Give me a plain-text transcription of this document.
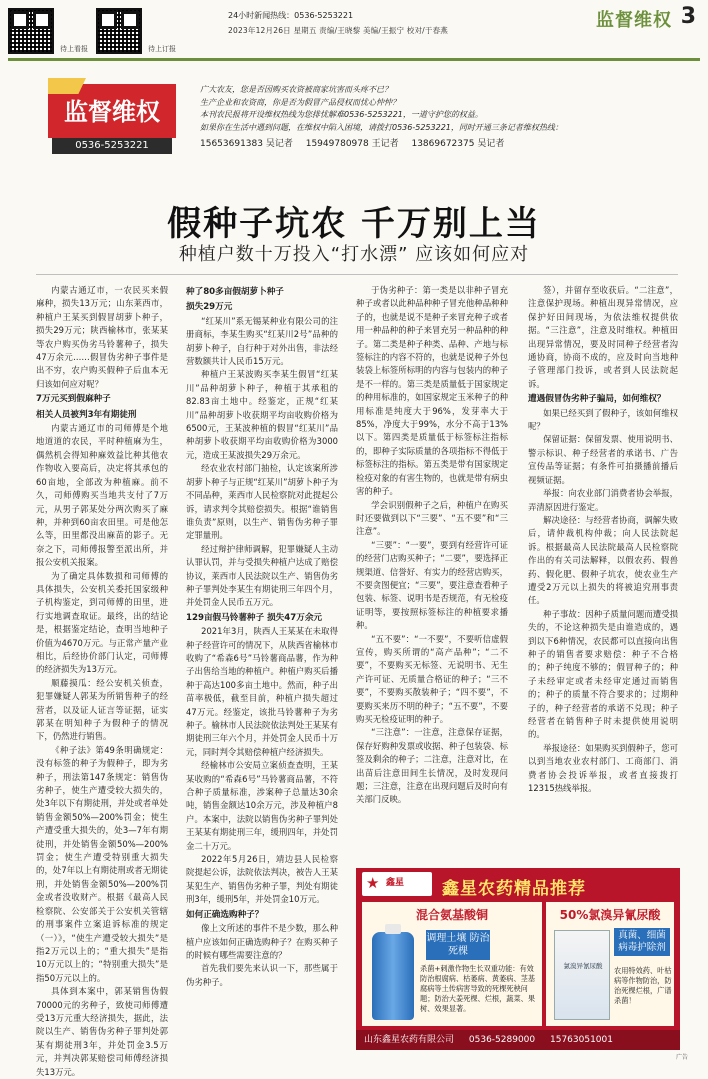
待上看报	待上订报
24小时新闻热线：0536-5253221
2023年12月26日 星期五 责编/王晓黎 美编/王振宁 校对/于春燕	监督维权 3
监督维权
0536-5253221
广大农友，您是否因购买农资被商家坑害而头疼不已？
生产企业和农资商，你是否为假冒产品侵权而忧心忡忡？
本刊农民报将开设维权热线为您排忧解难0536-5253221，一道守护您的权益。
如果你在生活中遇到问题，在维权中陷入困境，请拨打0536-5253221，同时开通三条记者维权热线：
15653691383 吴记者 15949780978 王记者 13869672375 吴记者
假种子坑农 千万别上当
种植户数十万投入“打水漂” 应该如何应对

内蒙古通辽市，一农民买来假麻种，损失13万元；山东莱西市，种植户王某买到假冒胡萝卜种子，损失29万元；陕西榆林市，张某某等农户购买伪劣马铃薯种子，损失47万余元……假冒伪劣种子事件是出不穷，农户购买假种子后血本无归该如何应对呢？

7万元买到假麻种子
相关人员被判3年有期徒刑

内蒙古通辽市的司师傅是个地地道道的农民，平时种植麻为生，偶然机会得知种麻效益比种其他农作物收入要高后，决定将其承包的60亩地，全部改为种植麻。前不久，司师傅购买当地共支付了7万元，从男子郭某处分两次购买了麻种，并种到60亩农田里。可是他怎么等，田里都没出麻苗的影子。无奈之下，司师傅报警至派出所，并报公安机关报案。

为了确定具体数损和司师傅的具体损失，公安机关委托国家级种子机构鉴定，到司师傅的田里，进行实地调查取证。最终，出的结论是，根据鉴定结论，查明当地种子价值为4670万元。与正常产量产业相比，后经协价部门认定，司师傅的经济损失为13万元。

顺藤摸瓜：经公安机关侦查，犯罪嫌疑人郭某为所销售种子的经营者，以及证人证言等证据，证实郭某在明知种子为假种子的情况下，仍然进行销售。

《种子法》第49条明确规定：没有标签的种子为假种子，即为劣种子，刑法第147条规定：销售伪劣种子，使生产遭受较大损失的，处3年以下有期徒刑，并处或者单处销售金额50%—200%罚金；使生产遭受重大损失的，处3—7年有期徒刑，并处销售金额50%—200%罚金；使生产遭受特别重大损失的，处7年以上有期徒刑或者无期徒刑，并处销售金额50%—200%罚金或者没收财产。根据《最高人民检察院、公安部关于公安机关管辖的刑事案件立案追诉标准的规定（一）》，“使生产遭受较大损失”是指2万元以上的；“重大损失”是指10万元以上的；“特别重大损失”是指50万元以上的。

具体到本案中，郭某销售伪假70000元的劣种子，致使司师傅遭受13万元重大经济损失，据此，法院以生产、销售伪劣种子罪判处郭某有期徒刑3年，并处罚金3.5万元，并判决郭某赔偿司师傅经济损失13万元。

种了80多亩假胡萝卜种子
损失29万元

“红某川”系无锡某种业有限公司的注册商标，李某生购买“红某川2号”品种的胡萝卜种子，自行种于对外出售，非法经营数额共计人民币15万元。

种植户王某波购买李某生假冒“红某川”品种胡萝卜种子，种植于其承租的82.83亩土地中。经鉴定，正规“红某川”品种胡萝卜收获期平均亩收购价格为6500元，王某波种植的假冒“红某川”品种胡萝卜收获期平均亩收购价格为3000元，造成王某波损失29万余元。

经农业农村部门抽检，认定该案所涉胡萝卜种子与正规“红某川”胡萝卜种子为不同品种，莱西市人民检察院对此提起公诉，请求判令其赔偿损失。根据“谁销售谁负责”原则，以生产、销售伪劣种子罪定罪量刑。

经过辩护律师调解，犯罪嫌疑人主动认罪认罚，并与受损失种植户达成了赔偿协议，莱西市人民法院以生产、销售伪劣种子罪判处李某生有期徒刑三年四个月，并处罚金人民币五万元。

129亩假马铃薯种子 损失47万余元

2021年3月，陕西人王某某在未取得种子经营许可的情况下，从陕西省榆林市收购了“希森6号”马铃薯商品薯，作为种子出售给当地的种植户。种植户购买后播种于高达100多亩土地中。然而，种子出苗率极低，截至目前，种植户损失超过47万元。经鉴定，该批马铃薯种子为劣种子。榆林市人民法院依法判处王某某有期徒刑三年六个月，并处罚金人民币十万元，同时判令其赔偿种植户经济损失。

经榆林市公安局立案侦查查明，王某某收购的“希森6号”马铃薯商品薯，不符合种子质量标准，涉案种子总量达30余吨，销售金额达10余万元，涉及种植户8户。本案中，法院以销售伪劣种子罪判处王某某有期徒刑三年，缓刑四年，并处罚金二十万元。

2022年5月26日，靖边县人民检察院提起公诉，法院依法判决，被告人王某某犯生产、销售伪劣种子罪，判处有期徒刑3年，缓刑5年，并处罚金10万元。

如何正确选购种子？

像上文所述的事件不是少数，那么种植户应该如何正确选购种子？在购买种子的时候有哪些需要注意的？

首先我们要先来认识一下，那些属于伪劣种子。

于伪劣种子：第一类是以非种子冒充种子或者以此种品种种子冒充他种品种种子的，也就是说不是种子来冒充种子或者用一种品种的种子来冒充另一种品种的种子。第二类是种子种类、品种、产地与标签标注的内容不符的，也就是说种子外包装袋上标签所标明的内容与包装内的种子是不一样的。第三类是质量低于国家规定的种用标准的，如国家规定玉米种子的种用标准是纯度大于96%，发芽率大于85%，净度大于99%，水分不高于13%以下。第四类是质量低于标签标注指标的，即种子实际质量的各项指标不得低于标签标注的指标。第五类是带有国家规定检疫对象的有害生物的，也就是带有病虫害的种子。

学会识别假种子之后，种植户在购买时还要做到以下“三要”、“五不要”和“三注意”。

“三要”：“一要”，要到有经营许可证的经营门店购买种子；“二要”，要选择正规渠道、信誉好、有实力的经营店购买，不要贪图便宜；“三要”，要注意查看种子包装、标签、说明书是否规范，有无检疫证明等，要按照标签标注的种植要求播种。

“五不要”：“一不要”，不要听信虚假宣传，购买所谓的“高产品种”；“二不要”，不要购买无标签、无说明书、无生产许可证、无质量合格证的种子；“三不要”，不要购买散装种子；“四不要”，不要购买来历不明的种子；“五不要”，不要购买无检疫证明的种子。

“三注意”：一注意，注意保存证据，保存好购种发票或收据、种子包装袋、标签及剩余的种子；二注意，注意对比，在出苗后注意田间生长情况，及时发现问题；三注意，注意在出现问题后及时向有关部门反映。

签），并留存至收获后。“二注意”，注意保护现场。种植出现异常情况，应保护好田间现场，为依法维权提供依据。“三注意”，注意及时维权。种植田出现异常情况，要及时同种子经营者沟通协商，协商不成的，应及时向当地种子管理部门投诉，或者到人民法院起诉。

遭遇假冒伪劣种子骗局，如何维权？

如果已经买到了假种子，该如何维权呢？

保留证据：保留发票、使用说明书、警示标识、种子经营者的承诺书、广告宣传品等证据；有条件可拍摄播前播后视频证据。

举报：向农业部门消费者协会举报，弄清原因进行鉴定。

解决途径：与经营者协商，调解失败后，请仲裁机构仲裁；向人民法院起诉。根据最高人民法院最高人民检察院作出的有关司法解释，以假农药、假兽药、假化肥、假种子坑农，使农业生产遭受2万元以上损失的将被追究刑事责任。

种子事故：因种子质量问题而遭受损失的，不论这种损失是由谁造成的，遇到以下6种情况，农民都可以直接向出售种子的销售者要求赔偿：种子不合格的；种子纯度不够的；假冒种子的；种子未经审定或者未经审定通过而销售的；种子的质量不符合要求的；过期种子的，种子经营者的承诺不兑现；种子经营者在销售种子时未提供使用说明的。

举报途径：如果购买到假种子，您可以到当地农业农村部门、工商部门、消费者协会投诉举报，或者直接拨打12315热线举报。

★ 鑫星 鑫星农药精品推荐
混合氨基酸铜
调理土壤 防治死棵
杀菌+刺激作物生长双重功能：有效防治根腐病、枯萎病、黄萎病、茎基腐病等土传病害导致的死棵死秧问题；防治大姜死棵、烂根，蔬菜、果树、效果显著。
50%氯溴异氰尿酸
氯溴异氰尿酸
真菌、细菌 病毒护除剂
农用特效药、叶枯病等作物防治，防治死棵烂根，广谱杀菌！
山东鑫星农药有限公司 0536-5289000 15763051001
广告
